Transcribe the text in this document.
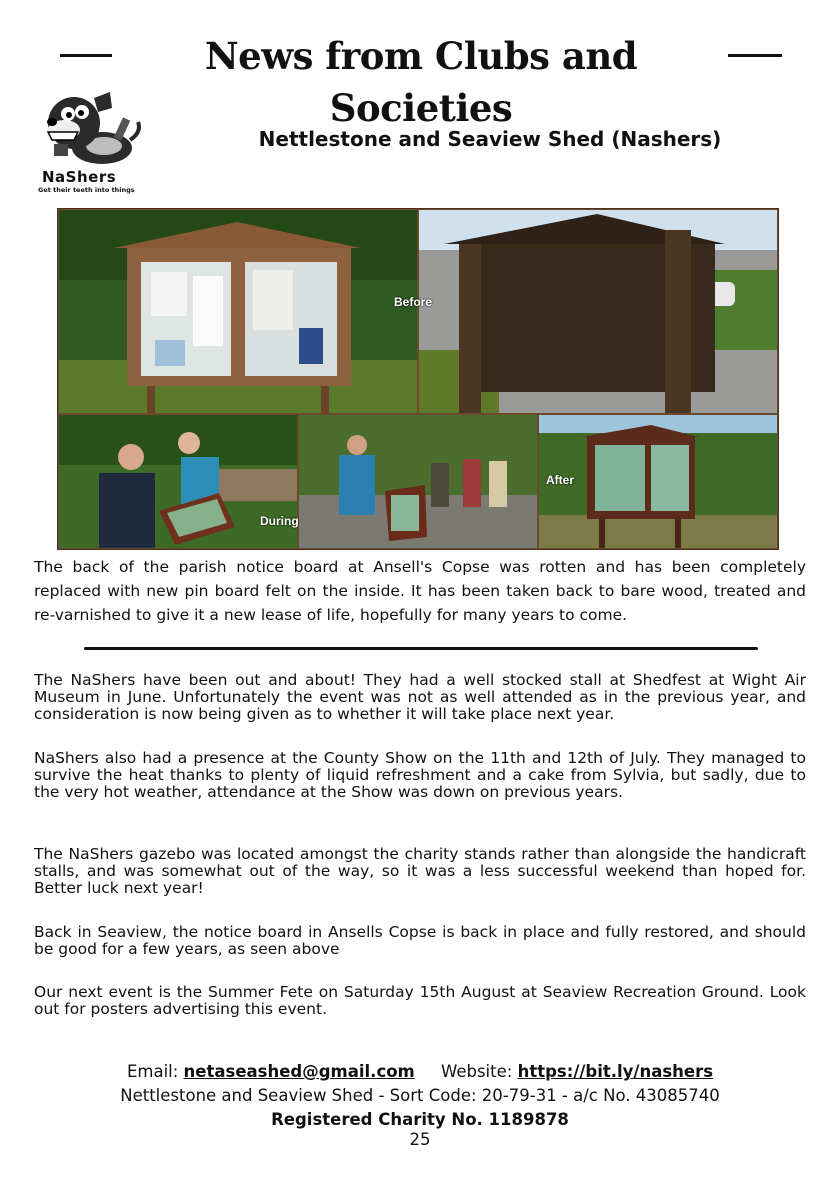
News from Clubs and Societies
NaShers
Get their teeth into things
Nettlestone and Seaview Shed (Nashers)
Before
During
After

The back of the parish notice board at Ansell's Copse was rotten and has been completely replaced with new pin board felt on the inside. It has been taken back to bare wood, treated and re-varnished to give it a new lease of life, hopefully for many years to come.

The NaShers have been out and about! They had a well stocked stall at Shedfest at Wight Air Museum in June. Unfortunately the event was not as well attended as in the previous year, and consideration is now being given as to whether it will take place next year.

NaShers also had a presence at the County Show on the 11th and 12th of July. They managed to survive the heat thanks to plenty of liquid refreshment and a cake from Sylvia, but sadly, due to the very hot weather, attendance at the Show was down on previous years.

The NaShers gazebo was located amongst the charity stands rather than alongside the handicraft stalls, and was somewhat out of the way, so it was a less successful weekend than hoped for. Better luck next year!

Back in Seaview, the notice board in Ansells Copse is back in place and fully restored, and should be good for a few years, as seen above

Our next event is the Summer Fete on Saturday 15th August at Seaview Recreation Ground. Look out for posters advertising this event.

Email: netaseashed@gmail.com Website: https://bit.ly/nashers

Nettlestone and Seaview Shed - Sort Code: 20-79-31 - a/c No. 43085740

Registered Charity No. 1189878

25
